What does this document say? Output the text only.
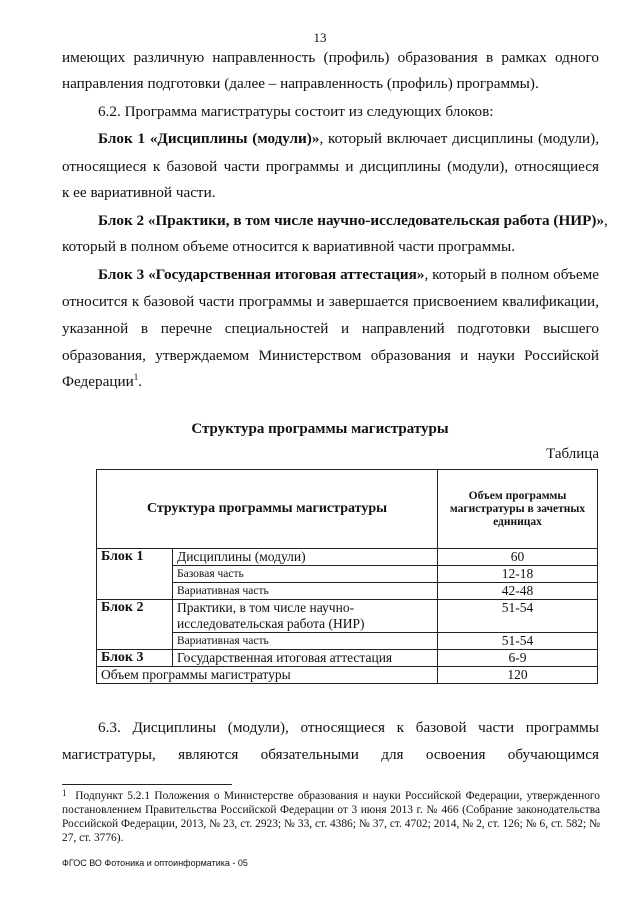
13
имеющих различную направленность (профиль) образования в рамках одного
направления подготовки (далее – направленность (профиль) программы).
6.2. Программа магистратуры состоит из следующих блоков:
Блок 1 «Дисциплины (модули)», который включает дисциплины (модули),
относящиеся к базовой части программы и дисциплины (модули), относящиеся
к ее вариативной части.
Блок 2 «Практики, в том числе научно-исследовательская работа (НИР)»,
который в полном объеме относится к вариативной части программы.
Блок 3 «Государственная итоговая аттестация», который в полном объеме
относится к базовой части программы и завершается присвоением квалификации,
указанной в перечне специальностей и направлений подготовки высшего
образования, утверждаемом Министерством образования и науки Российской
Федерации$^1$.
Структура программы магистратуры
Таблица
Структура программы магистратуры		Объем программы магистратуры в зачетных единицах
Блок 1	Дисциплины (модули)	60
	Базовая часть	12-18
	Вариативная часть	42-48
Блок 2	Практики, в том числе научно-исследовательская работа (НИР)	51-54
	Вариативная часть	51-54
Блок 3	Государственная итоговая аттестация	6-9
Объем программы магистратуры		120
6.3. Дисциплины (модули), относящиеся к базовой части программы
магистратуры, являются обязательными для освоения обучающимся
$^1$ Подпункт 5.2.1 Положения о Министерстве образования и науки Российской Федерации, утвержденного постановлением Правительства Российской Федерации от 3 июня 2013 г. № 466 (Собрание законодательства Российской Федерации, 2013, № 23, ст. 2923; № 33, ст. 4386; № 37, ст. 4702; 2014, № 2, ст. 126; № 6, ст. 582; № 27, ст. 3776).
ФГОС ВО Фотоника и оптоинформатика - 05
